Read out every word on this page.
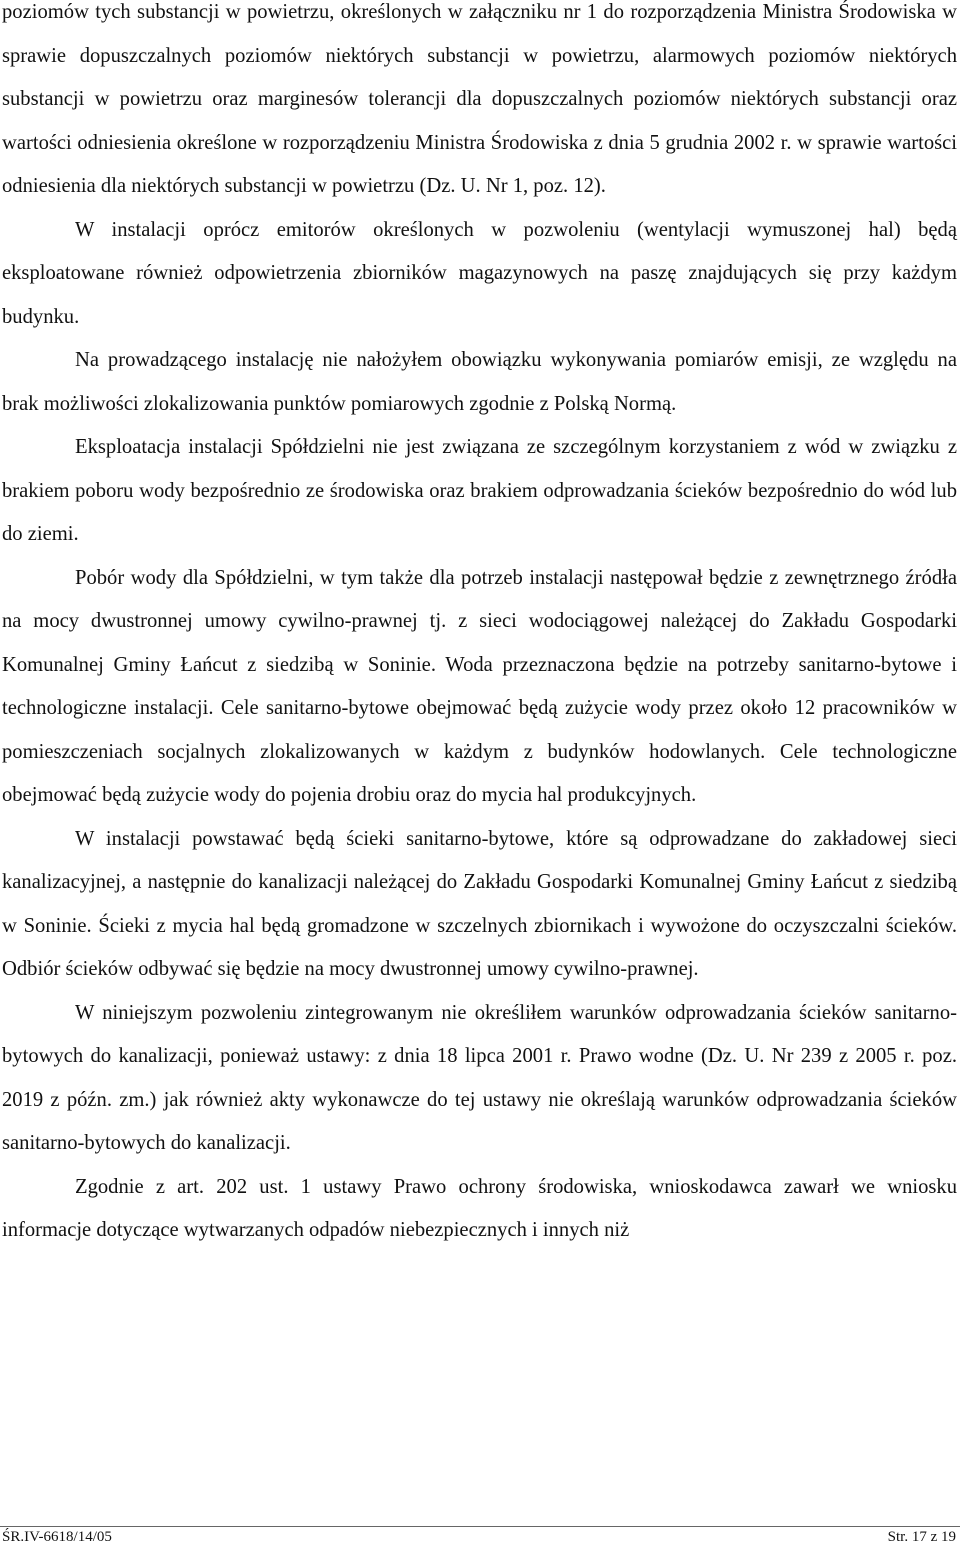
poziomów tych substancji w powietrzu, określonych w załączniku nr 1 do rozporządzenia Ministra Środowiska w sprawie dopuszczalnych poziomów niektórych substancji w powietrzu, alarmowych poziomów niektórych substancji w powietrzu oraz marginesów tolerancji dla dopuszczalnych poziomów niektórych substancji oraz wartości odniesienia określone w rozporządzeniu Ministra Środowiska z dnia 5 grudnia 2002 r. w sprawie wartości odniesienia dla niektórych substancji w powietrzu (Dz. U. Nr 1, poz. 12).

W instalacji oprócz emitorów określonych w pozwoleniu (wentylacji wymuszonej hal) będą eksploatowane również odpowietrzenia zbiorników magazynowych na paszę znajdujących się przy każdym budynku.

Na prowadzącego instalację nie nałożyłem obowiązku wykonywania pomiarów emisji, ze względu na brak możliwości zlokalizowania punktów pomiarowych zgodnie z Polską Normą.

Eksploatacja instalacji Spółdzielni nie jest związana ze szczególnym korzystaniem z wód w związku z brakiem poboru wody bezpośrednio ze środowiska oraz brakiem odprowadzania ścieków bezpośrednio do wód lub do ziemi.

Pobór wody dla Spółdzielni, w tym także dla potrzeb instalacji następował będzie z zewnętrznego źródła na mocy dwustronnej umowy cywilno-prawnej tj. z sieci wodociągowej należącej do Zakładu Gospodarki Komunalnej Gminy Łańcut z siedzibą w Soninie. Woda przeznaczona będzie na potrzeby sanitarno-bytowe i technologiczne instalacji. Cele sanitarno-bytowe obejmować będą zużycie wody przez około 12 pracowników w pomieszczeniach socjalnych zlokalizowanych w każdym z budynków hodowlanych. Cele technologiczne obejmować będą zużycie wody do pojenia drobiu oraz do mycia hal produkcyjnych.

W instalacji powstawać będą ścieki sanitarno-bytowe, które są odprowadzane do zakładowej sieci kanalizacyjnej, a następnie do kanalizacji należącej do Zakładu Gospodarki Komunalnej Gminy Łańcut z siedzibą w Soninie. Ścieki z mycia hal będą gromadzone w szczelnych zbiornikach i wywożone do oczyszczalni ścieków. Odbiór ścieków odbywać się będzie na mocy dwustronnej umowy cywilno-prawnej.

W niniejszym pozwoleniu zintegrowanym nie określiłem warunków odprowadzania ścieków sanitarno-bytowych do kanalizacji, ponieważ ustawy: z dnia 18 lipca 2001 r. Prawo wodne (Dz. U. Nr 239 z 2005 r. poz. 2019 z późn. zm.) jak również akty wykonawcze do tej ustawy nie określają warunków odprowadzania ścieków sanitarno-bytowych do kanalizacji.

Zgodnie z art. 202 ust. 1 ustawy Prawo ochrony środowiska, wnioskodawca zawarł we wniosku informacje dotyczące wytwarzanych odpadów niebezpiecznych i innych niż

ŚR.IV-6618/14/05	Str. 17 z 19
